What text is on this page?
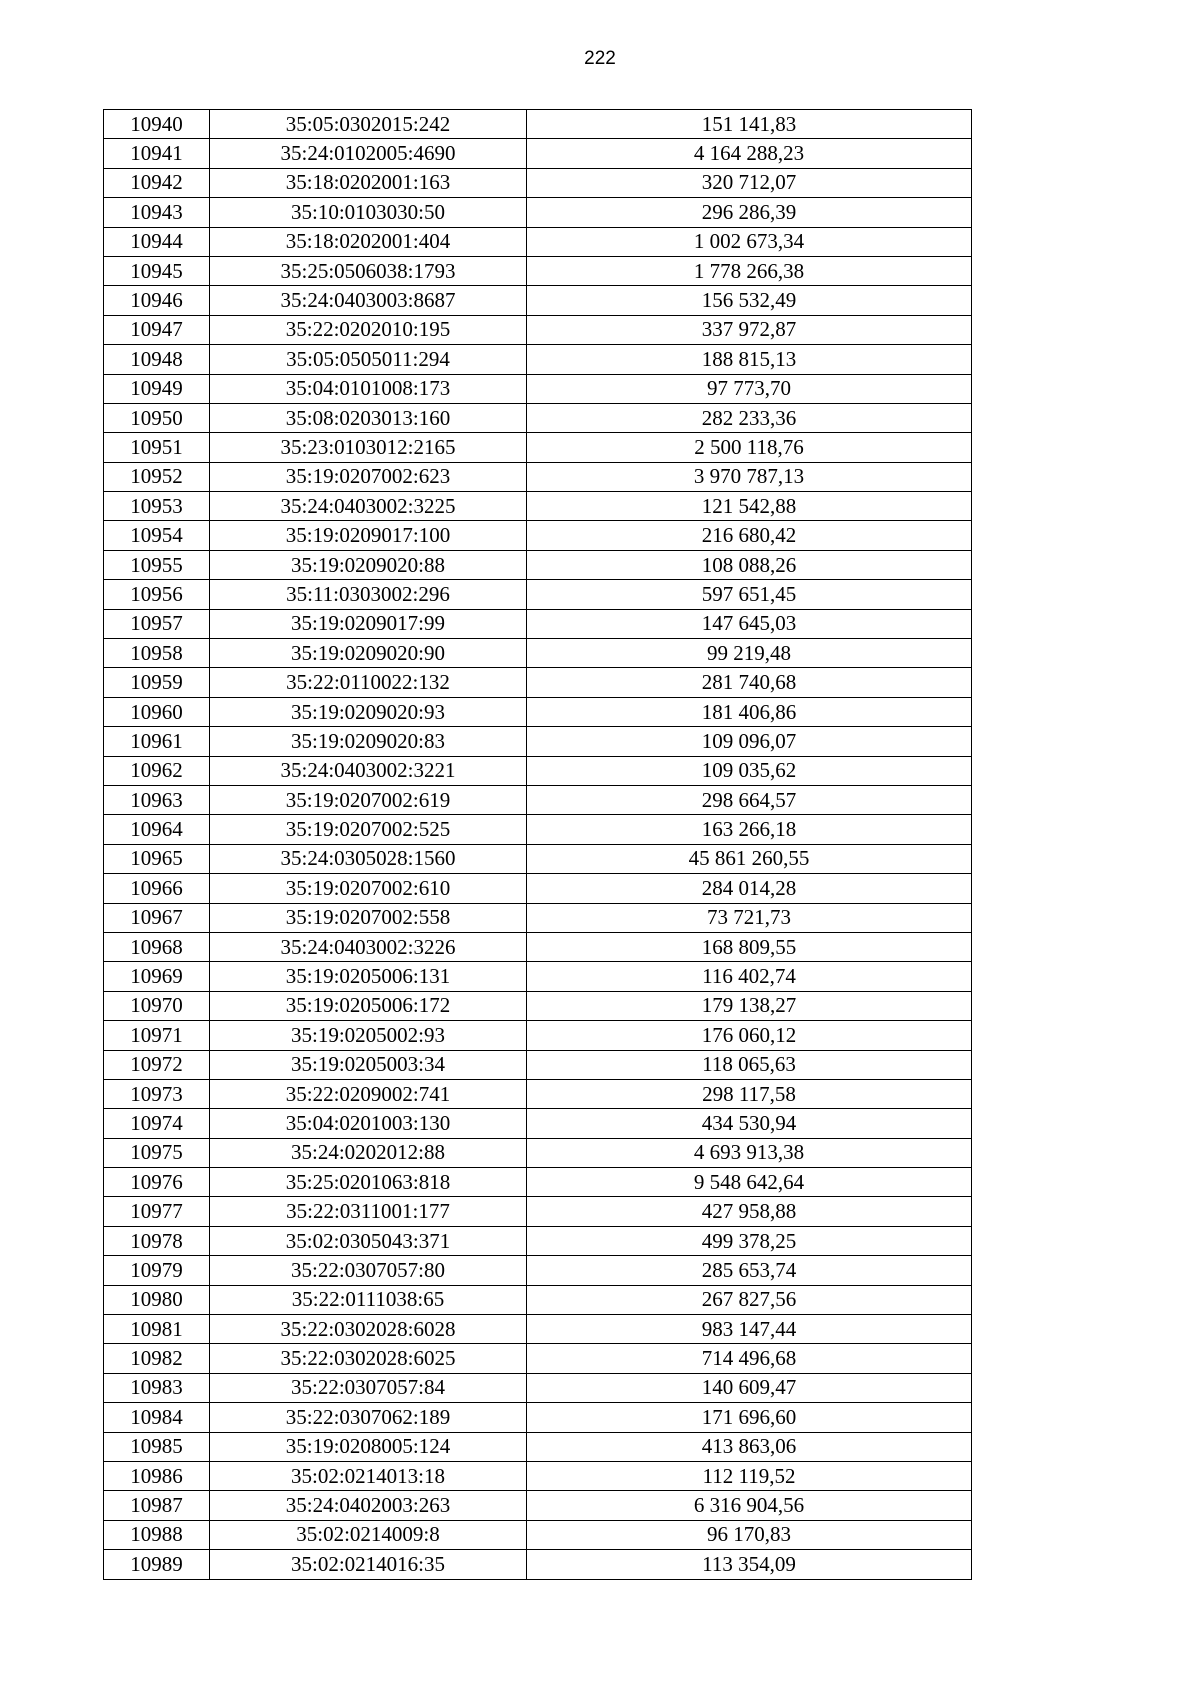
222
10940	35:05:0302015:242	151 141,83
10941	35:24:0102005:4690	4 164 288,23
10942	35:18:0202001:163	320 712,07
10943	35:10:0103030:50	296 286,39
10944	35:18:0202001:404	1 002 673,34
10945	35:25:0506038:1793	1 778 266,38
10946	35:24:0403003:8687	156 532,49
10947	35:22:0202010:195	337 972,87
10948	35:05:0505011:294	188 815,13
10949	35:04:0101008:173	97 773,70
10950	35:08:0203013:160	282 233,36
10951	35:23:0103012:2165	2 500 118,76
10952	35:19:0207002:623	3 970 787,13
10953	35:24:0403002:3225	121 542,88
10954	35:19:0209017:100	216 680,42
10955	35:19:0209020:88	108 088,26
10956	35:11:0303002:296	597 651,45
10957	35:19:0209017:99	147 645,03
10958	35:19:0209020:90	99 219,48
10959	35:22:0110022:132	281 740,68
10960	35:19:0209020:93	181 406,86
10961	35:19:0209020:83	109 096,07
10962	35:24:0403002:3221	109 035,62
10963	35:19:0207002:619	298 664,57
10964	35:19:0207002:525	163 266,18
10965	35:24:0305028:1560	45 861 260,55
10966	35:19:0207002:610	284 014,28
10967	35:19:0207002:558	73 721,73
10968	35:24:0403002:3226	168 809,55
10969	35:19:0205006:131	116 402,74
10970	35:19:0205006:172	179 138,27
10971	35:19:0205002:93	176 060,12
10972	35:19:0205003:34	118 065,63
10973	35:22:0209002:741	298 117,58
10974	35:04:0201003:130	434 530,94
10975	35:24:0202012:88	4 693 913,38
10976	35:25:0201063:818	9 548 642,64
10977	35:22:0311001:177	427 958,88
10978	35:02:0305043:371	499 378,25
10979	35:22:0307057:80	285 653,74
10980	35:22:0111038:65	267 827,56
10981	35:22:0302028:6028	983 147,44
10982	35:22:0302028:6025	714 496,68
10983	35:22:0307057:84	140 609,47
10984	35:22:0307062:189	171 696,60
10985	35:19:0208005:124	413 863,06
10986	35:02:0214013:18	112 119,52
10987	35:24:0402003:263	6 316 904,56
10988	35:02:0214009:8	96 170,83
10989	35:02:0214016:35	113 354,09
